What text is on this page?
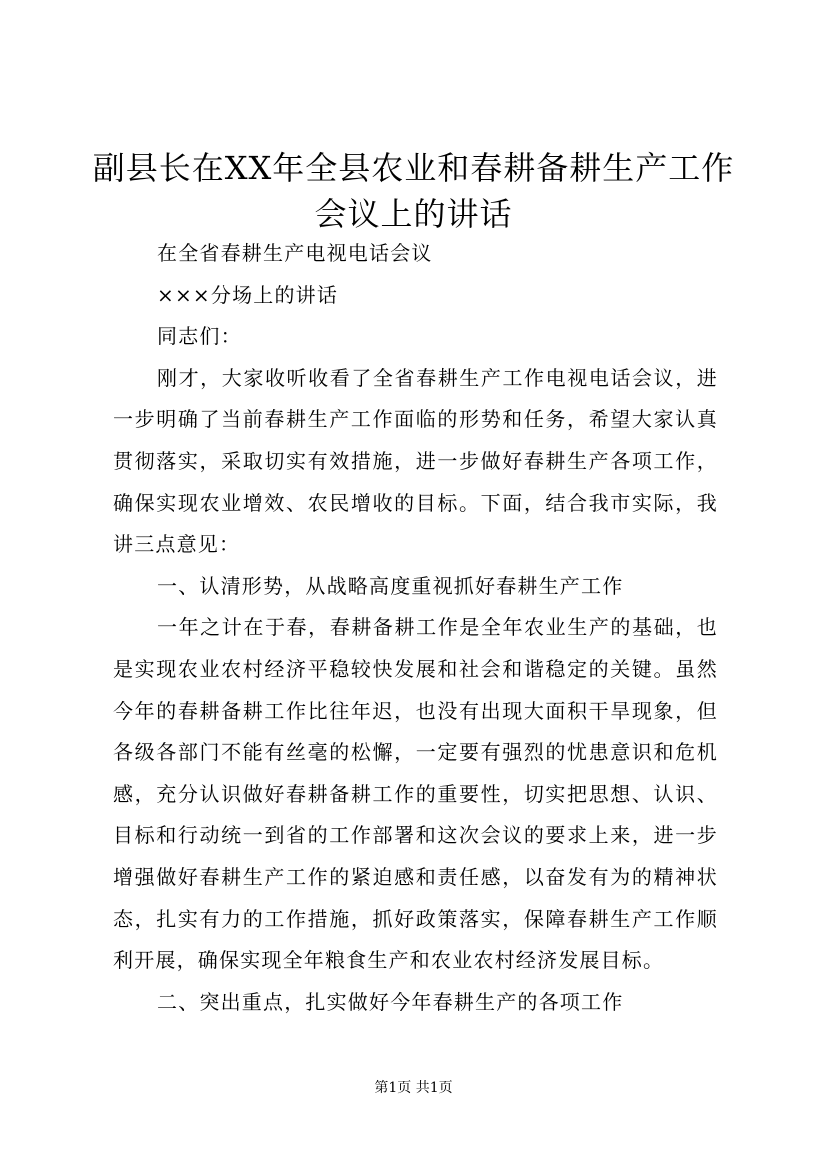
副县长在XX年全县农业和春耕备耕生产工作
会议上的讲话

在全省春耕生产电视电话会议

×××分场上的讲话

同志们：

刚才，大家收听收看了全省春耕生产工作电视电话会议，进一步明确了当前春耕生产工作面临的形势和任务，希望大家认真贯彻落实，采取切实有效措施，进一步做好春耕生产各项工作，确保实现农业增效、农民增收的目标。下面，结合我市实际，我讲三点意见：

一、认清形势，从战略高度重视抓好春耕生产工作

一年之计在于春，春耕备耕工作是全年农业生产的基础，也是实现农业农村经济平稳较快发展和社会和谐稳定的关键。虽然今年的春耕备耕工作比往年迟，也没有出现大面积干旱现象，但各级各部门不能有丝毫的松懈，一定要有强烈的忧患意识和危机感，充分认识做好春耕备耕工作的重要性，切实把思想、认识、目标和行动统一到省的工作部署和这次会议的要求上来，进一步增强做好春耕生产工作的紧迫感和责任感，以奋发有为的精神状态，扎实有力的工作措施，抓好政策落实，保障春耕生产工作顺利开展，确保实现全年粮食生产和农业农村经济发展目标。

二、突出重点，扎实做好今年春耕生产的各项工作

第1页 共1页
